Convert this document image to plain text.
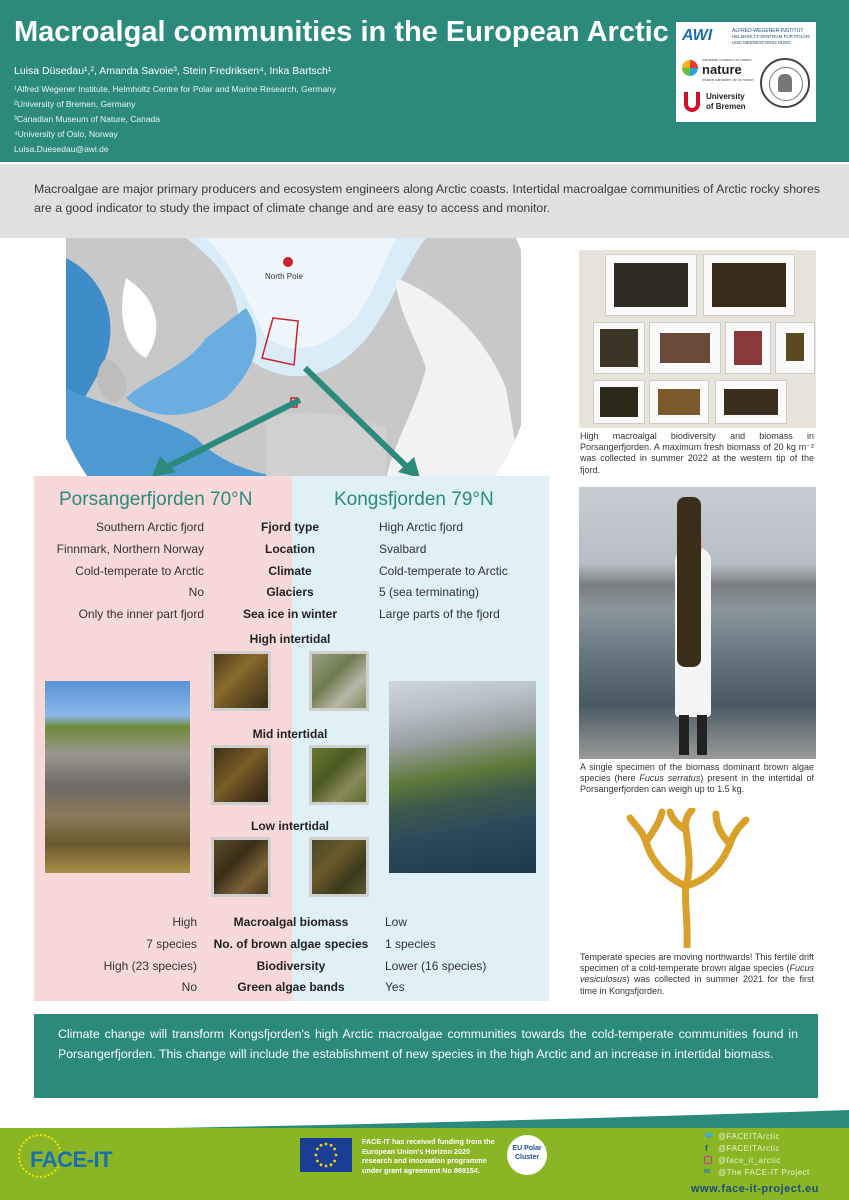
Macroalgal communities in the European Arctic
Luisa Düsedau¹,², Amanda Savoie³, Stein Fredriksen⁴, Inka Bartsch¹
¹Alfred Wegener Institute, Helmholtz Centre for Polar and Marine Research, Germany
²University of Bremen, Germany
³Canadian Museum of Nature, Canada
⁴University of Oslo, Norway
Luisa.Duesedau@awi.de
AWI	ALFRED-WEGENER-INSTITUT
HELMHOLTZ-ZENTRUM FÜR POLAR-
UND MEERESFORSCHUNG
canadian museum of nature
nature
musée canadien de la nature
University
of Bremen
Macroalgae are major primary producers and ecosystem engineers along Arctic coasts. Intertidal macroalgae communities of Arctic rocky shores are a good indicator to study the impact of climate change and are easy to access and monitor.
North Pole
Porsangerfjorden 70°N	Kongsfjorden 79°N
Southern Arctic fjord	Fjord type	High Arctic fjord
Finnmark, Northern Norway	Location	Svalbard
Cold-temperate to Arctic	Climate	Cold-temperate to Arctic
No	Glaciers	5 (sea terminating)
Only the inner part fjord	Sea ice in winter	Large parts of the fjord
High intertidal
Mid intertidal
Low intertidal
High	Macroalgal biomass	Low
7 species	No. of brown algae species	1 species
High (23 species)	Biodiversity	Lower (16 species)
No	Green algae bands	Yes
High macroalgal biodiversity and biomass in Porsangerfjorden. A maximum fresh biomass of 20 kg m⁻² was collected in summer 2022 at the western tip of the fjord.
A single specimen of the biomass dominant brown algae species (here Fucus serratus) present in the intertidal of Porsangerfjorden can weigh up to 1.5 kg.
Temperate species are moving northwards! This fertile drift specimen of a cold-temperate brown algae species (Fucus vesiculosus) was collected in summer 2021 for the first time in Kongsfjorden.
Climate change will transform Kongsfjorden's high Arctic macroalgae communities towards the cold-temperate communities found in Porsangerfjorden. This change will include the establishment of new species in the high Arctic and an increase in intertidal biomass.
FACE-IT
FACE-IT has received funding from the European Union's Horizon 2020 research and innovation programme under grant agreement No 869154.
EU Polar
Cluster
🐦 @FACEITArctic
f @FACEITArctic
@face_it_arctic
in @The FACE-IT Project
www.face-it-project.eu
